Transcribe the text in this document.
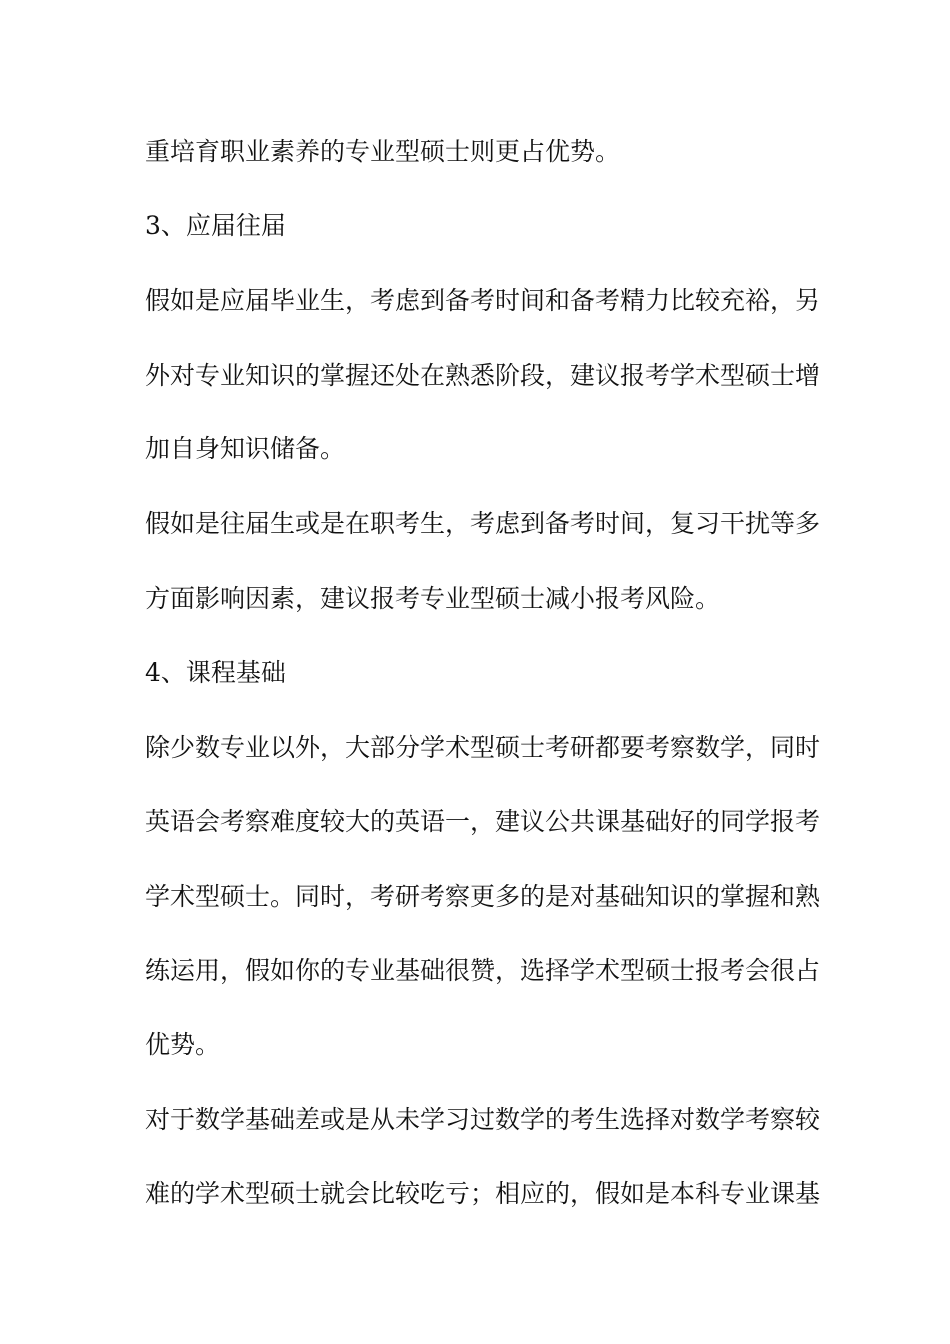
重培育职业素养的专业型硕士则更占优势。

3、应届往届

假如是应届毕业生，考虑到备考时间和备考精力比较充裕，另

外对专业知识的掌握还处在熟悉阶段，建议报考学术型硕士增

加自身知识储备。

假如是往届生或是在职考生，考虑到备考时间，复习干扰等多

方面影响因素，建议报考专业型硕士减小报考风险。

4、课程基础

除少数专业以外，大部分学术型硕士考研都要考察数学，同时

英语会考察难度较大的英语一，建议公共课基础好的同学报考

学术型硕士。同时，考研考察更多的是对基础知识的掌握和熟

练运用，假如你的专业基础很赞，选择学术型硕士报考会很占

优势。

对于数学基础差或是从未学习过数学的考生选择对数学考察较

难的学术型硕士就会比较吃亏；相应的，假如是本科专业课基
